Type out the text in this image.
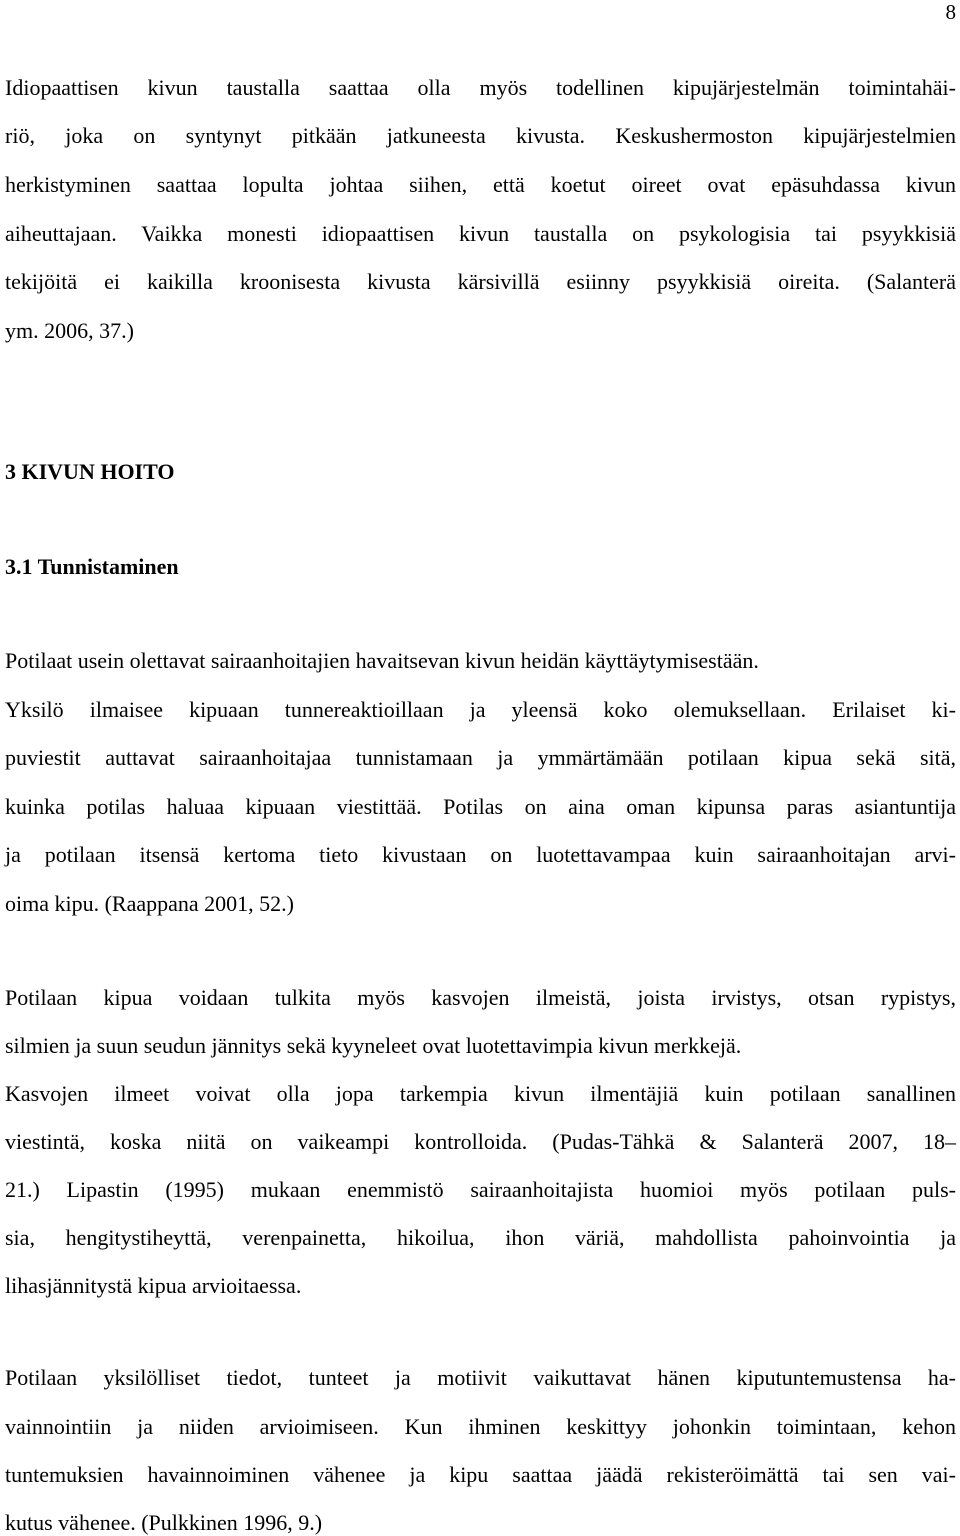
8
Idiopaattisen kivun taustalla saattaa olla myös todellinen kipujärjestelmän toimintahäi-
riö, joka on syntynyt pitkään jatkuneesta kivusta. Keskushermoston kipujärjestelmien
herkistyminen saattaa lopulta johtaa siihen, että koetut oireet ovat epäsuhdassa kivun
aiheuttajaan. Vaikka monesti idiopaattisen kivun taustalla on psykologisia tai psyykkisiä
tekijöitä ei kaikilla kroonisesta kivusta kärsivillä esiinny psyykkisiä oireita. (Salanterä
ym. 2006, 37.)
3 KIVUN HOITO
3.1 Tunnistaminen
Potilaat usein olettavat sairaanhoitajien havaitsevan kivun heidän käyttäytymisestään.
Yksilö ilmaisee kipuaan tunnereaktioillaan ja yleensä koko olemuksellaan. Erilaiset ki-
puviestit auttavat sairaanhoitajaa tunnistamaan ja ymmärtämään potilaan kipua sekä sitä,
kuinka potilas haluaa kipuaan viestittää. Potilas on aina oman kipunsa paras asiantuntija
ja potilaan itsensä kertoma tieto kivustaan on luotettavampaa kuin sairaanhoitajan arvi-
oima kipu. (Raappana 2001, 52.)
Potilaan kipua voidaan tulkita myös kasvojen ilmeistä, joista irvistys, otsan rypistys,
silmien ja suun seudun jännitys sekä kyyneleet ovat luotettavimpia kivun merkkejä.
Kasvojen ilmeet voivat olla jopa tarkempia kivun ilmentäjiä kuin potilaan sanallinen
viestintä, koska niitä on vaikeampi kontrolloida. (Pudas-Tähkä & Salanterä 2007, 18–
21.) Lipastin (1995) mukaan enemmistö sairaanhoitajista huomioi myös potilaan puls-
sia, hengitystiheyttä, verenpainetta, hikoilua, ihon väriä, mahdollista pahoinvointia ja
lihasjännitystä kipua arvioitaessa.
Potilaan yksilölliset tiedot, tunteet ja motiivit vaikuttavat hänen kiputuntemustensa ha-
vainnointiin ja niiden arvioimiseen. Kun ihminen keskittyy johonkin toimintaan, kehon
tuntemuksien havainnoiminen vähenee ja kipu saattaa jäädä rekisteröimättä tai sen vai-
kutus vähenee. (Pulkkinen 1996, 9.)
